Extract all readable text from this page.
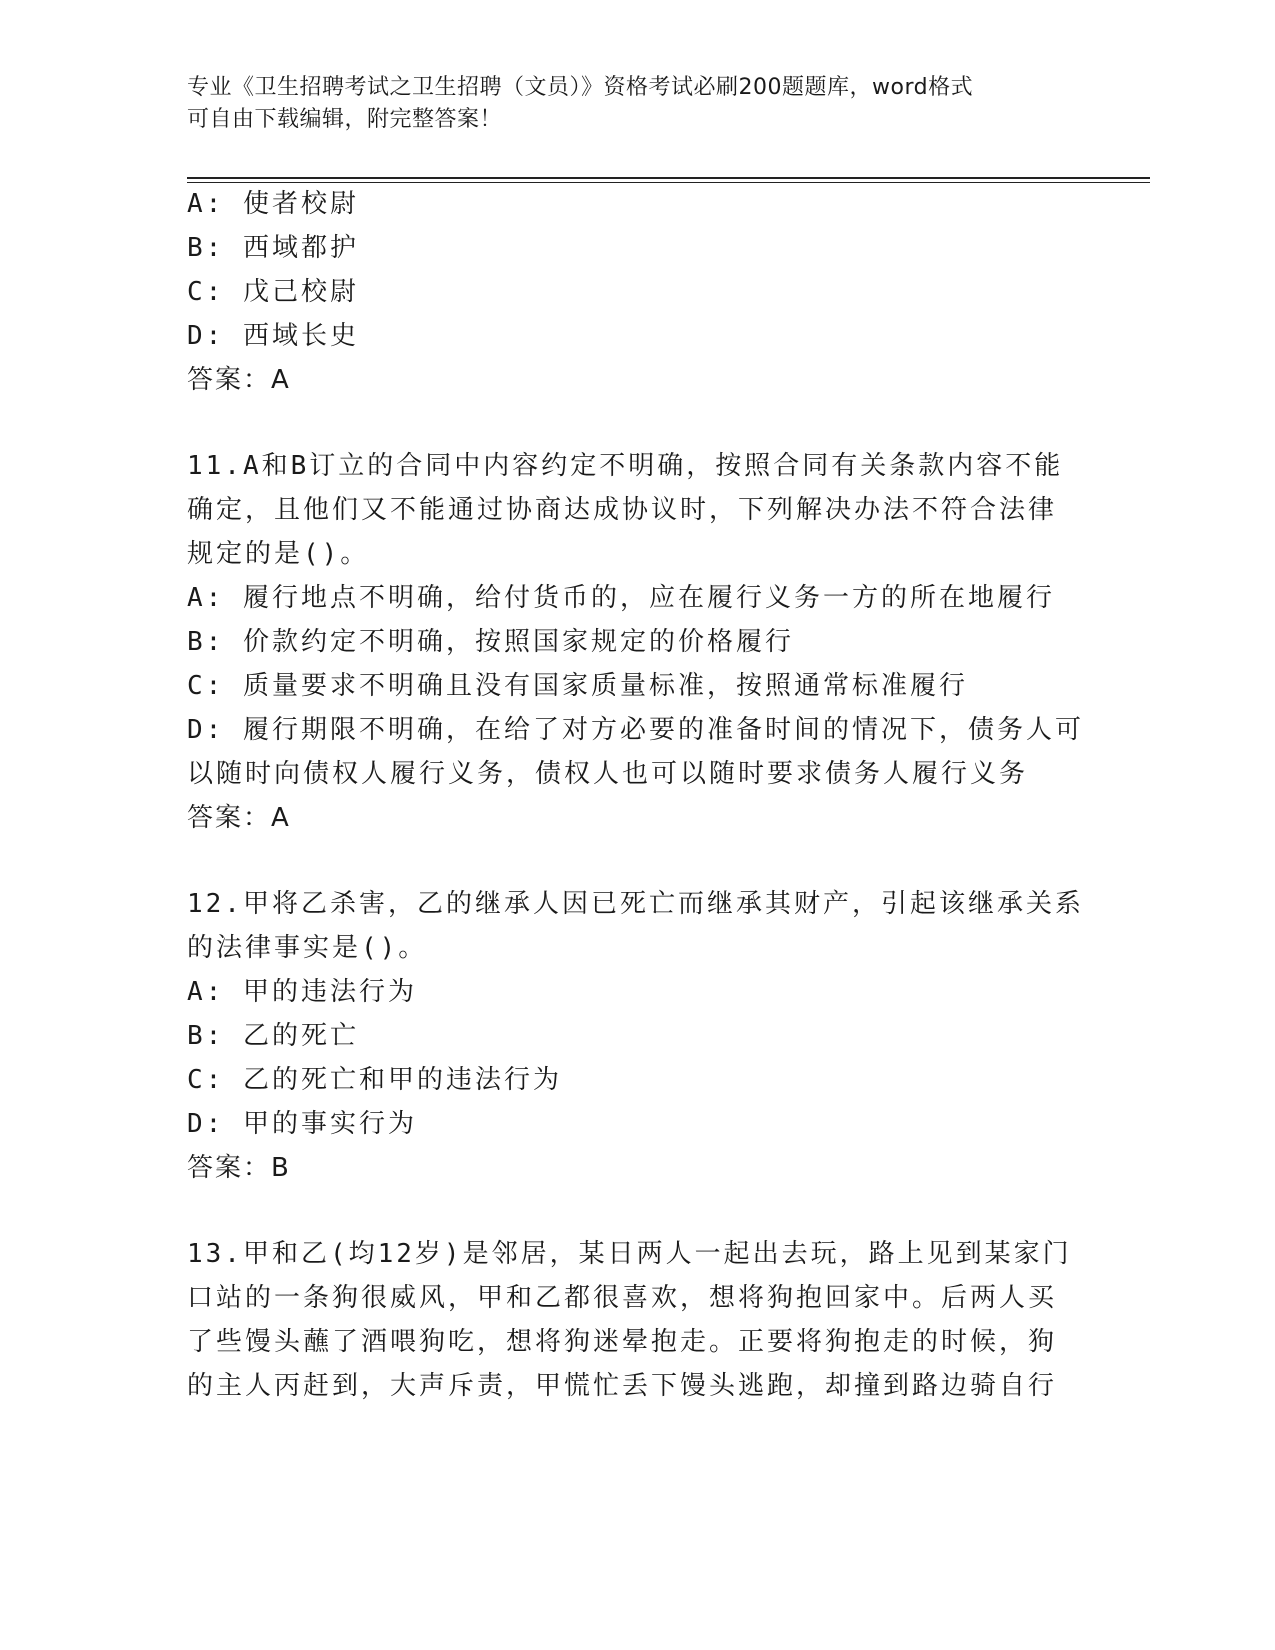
专业《卫生招聘考试之卫生招聘（文员）》资格考试必刷200题题库，word格式
可自由下载编辑，附完整答案！
A: 使者校尉
B: 西域都护
C: 戊己校尉
D: 西域长史
答案：A
11.A和B订立的合同中内容约定不明确，按照合同有关条款内容不能
确定，且他们又不能通过协商达成协议时，下列解决办法不符合法律
规定的是()。
A: 履行地点不明确，给付货币的，应在履行义务一方的所在地履行
B: 价款约定不明确，按照国家规定的价格履行
C: 质量要求不明确且没有国家质量标准，按照通常标准履行
D: 履行期限不明确，在给了对方必要的准备时间的情况下，债务人可
以随时向债权人履行义务，债权人也可以随时要求债务人履行义务
答案：A
12.甲将乙杀害，乙的继承人因已死亡而继承其财产，引起该继承关系
的法律事实是()。
A: 甲的违法行为
B: 乙的死亡
C: 乙的死亡和甲的违法行为
D: 甲的事实行为
答案：B
13.甲和乙(均12岁)是邻居，某日两人一起出去玩，路上见到某家门
口站的一条狗很威风，甲和乙都很喜欢，想将狗抱回家中。后两人买
了些馒头蘸了酒喂狗吃，想将狗迷晕抱走。正要将狗抱走的时候，狗
的主人丙赶到，大声斥责，甲慌忙丢下馒头逃跑，却撞到路边骑自行
